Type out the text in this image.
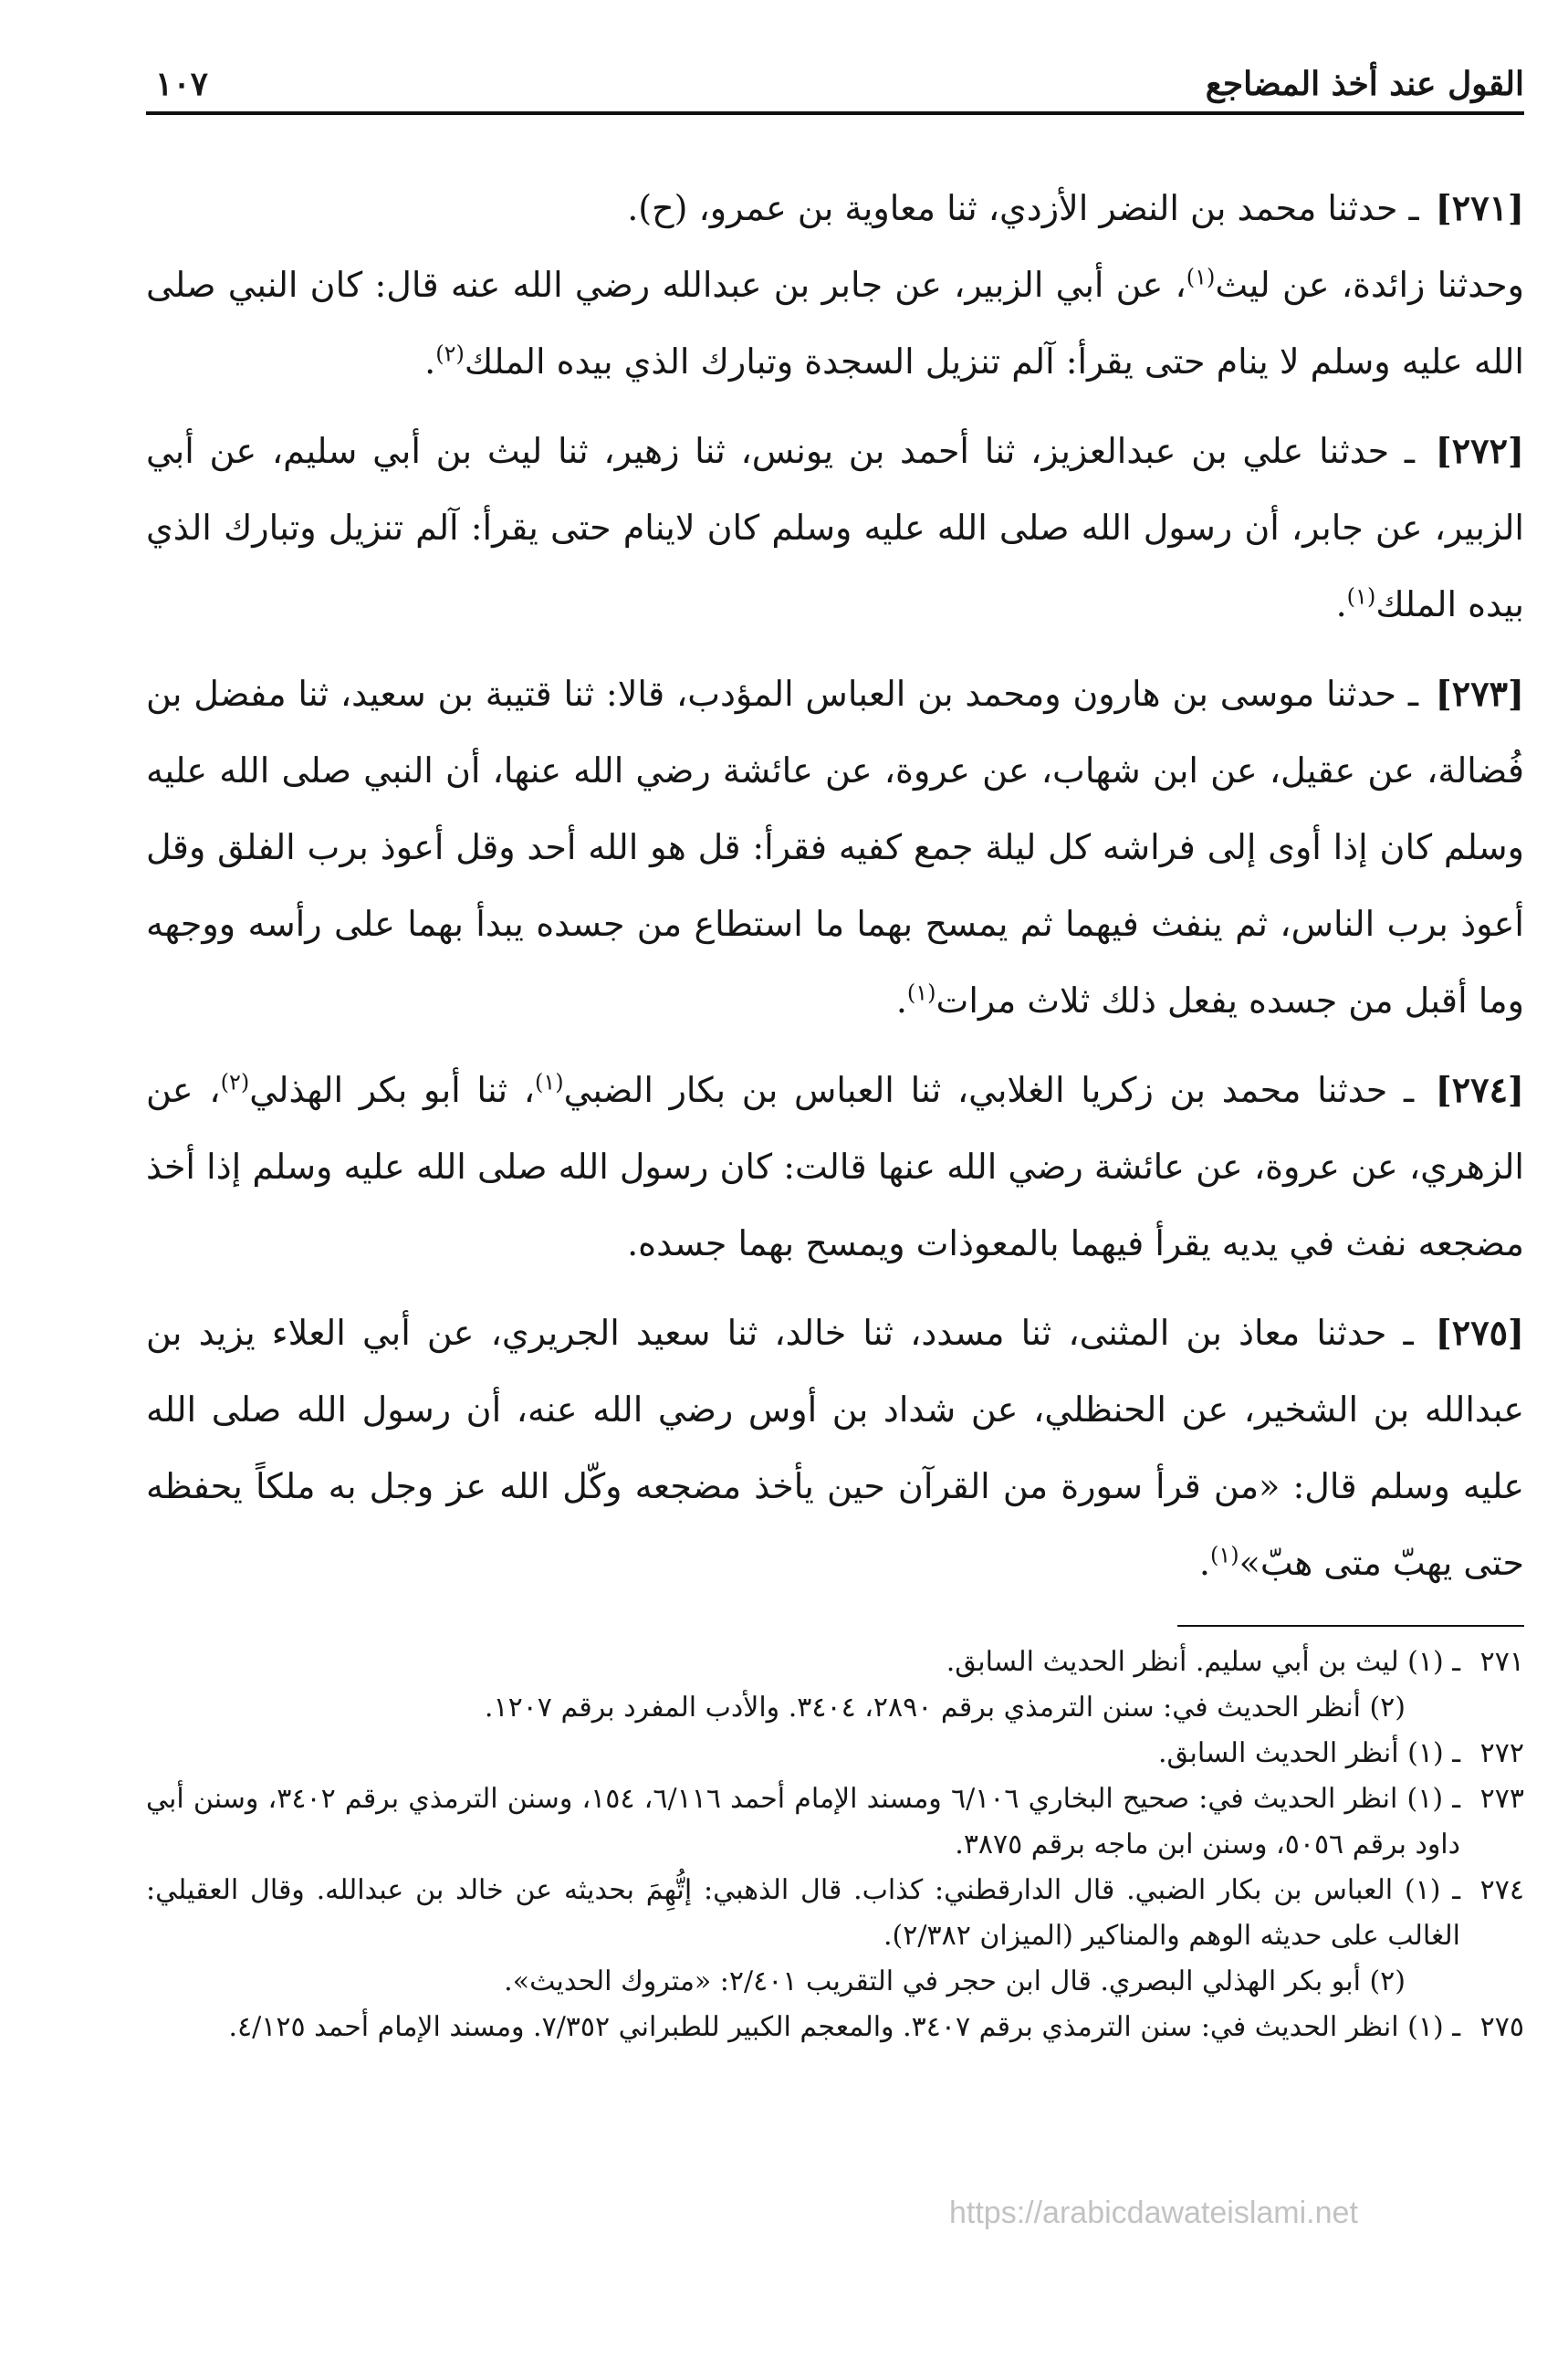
القول عند أخذ المضاجع
١٠٧

[٢٧١] ـ حدثنا محمد بن النضر الأزدي، ثنا معاوية بن عمرو، (ح).
وحدثنا زائدة، عن ليث$^{(١)}$، عن أبي الزبير، عن جابر بن عبدالله رضي الله عنه قال: كان النبي صلى الله عليه وسلم لا ينام حتى يقرأ: آلم تنزيل السجدة وتبارك الذي بيده الملك$^{(٢)}$.

[٢٧٢] ـ حدثنا علي بن عبدالعزيز، ثنا أحمد بن يونس، ثنا زهير، ثنا ليث بن أبي سليم، عن أبي الزبير، عن جابر، أن رسول الله صلى الله عليه وسلم كان لاينام حتى يقرأ: آلم تنزيل وتبارك الذي بيده الملك$^{(١)}$.

[٢٧٣] ـ حدثنا موسى بن هارون ومحمد بن العباس المؤدب، قالا: ثنا قتيبة بن سعيد، ثنا مفضل بن فُضالة، عن عقيل، عن ابن شهاب، عن عروة، عن عائشة رضي الله عنها، أن النبي صلى الله عليه وسلم كان إذا أوى إلى فراشه كل ليلة جمع كفيه فقرأ: قل هو الله أحد وقل أعوذ برب الفلق وقل أعوذ برب الناس، ثم ينفث فيهما ثم يمسح بهما ما استطاع من جسده يبدأ بهما على رأسه ووجهه وما أقبل من جسده يفعل ذلك ثلاث مرات$^{(١)}$.

[٢٧٤] ـ حدثنا محمد بن زكريا الغلابي، ثنا العباس بن بكار الضبي$^{(١)}$، ثنا أبو بكر الهذلي$^{(٢)}$، عن الزهري، عن عروة، عن عائشة رضي الله عنها قالت: كان رسول الله صلى الله عليه وسلم إذا أخذ مضجعه نفث في يديه يقرأ فيهما بالمعوذات ويمسح بهما جسده.

[٢٧٥] ـ حدثنا معاذ بن المثنى، ثنا مسدد، ثنا خالد، ثنا سعيد الجريري، عن أبي العلاء يزيد بن عبدالله بن الشخير، عن الحنظلي، عن شداد بن أوس رضي الله عنه، أن رسول الله صلى الله عليه وسلم قال: «من قرأ سورة من القرآن حين يأخذ مضجعه وكّل الله عز وجل به ملكاً يحفظه حتى يهبّ متى هبّ»$^{(١)}$.

٢٧١

ـ (١) ليث بن أبي سليم. أنظر الحديث السابق.

(٢) أنظر الحديث في: سنن الترمذي برقم ٢٨٩٠، ٣٤٠٤. والأدب المفرد برقم ١٢٠٧.

٢٧٢

ـ (١) أنظر الحديث السابق.

٢٧٣

ـ (١) انظر الحديث في: صحيح البخاري ٦/١٠٦ ومسند الإمام أحمد ٦/١١٦، ١٥٤، وسنن الترمذي برقم ٣٤٠٢، وسنن أبي داود برقم ٥٠٥٦، وسنن ابن ماجه برقم ٣٨٧٥.

٢٧٤

ـ (١) العباس بن بكار الضبي. قال الدارقطني: كذاب. قال الذهبي: إتُّهِمَ بحديثه عن خالد بن عبدالله. وقال العقيلي: الغالب على حديثه الوهم والمناكير (الميزان ٢/٣٨٢).

(٢) أبو بكر الهذلي البصري. قال ابن حجر في التقريب ٢/٤٠١: «متروك الحديث».

٢٧٥

ـ (١) انظر الحديث في: سنن الترمذي برقم ٣٤٠٧. والمعجم الكبير للطبراني ٧/٣٥٢. ومسند الإمام أحمد ٤/١٢٥.

https://arabicdawateislami.net
